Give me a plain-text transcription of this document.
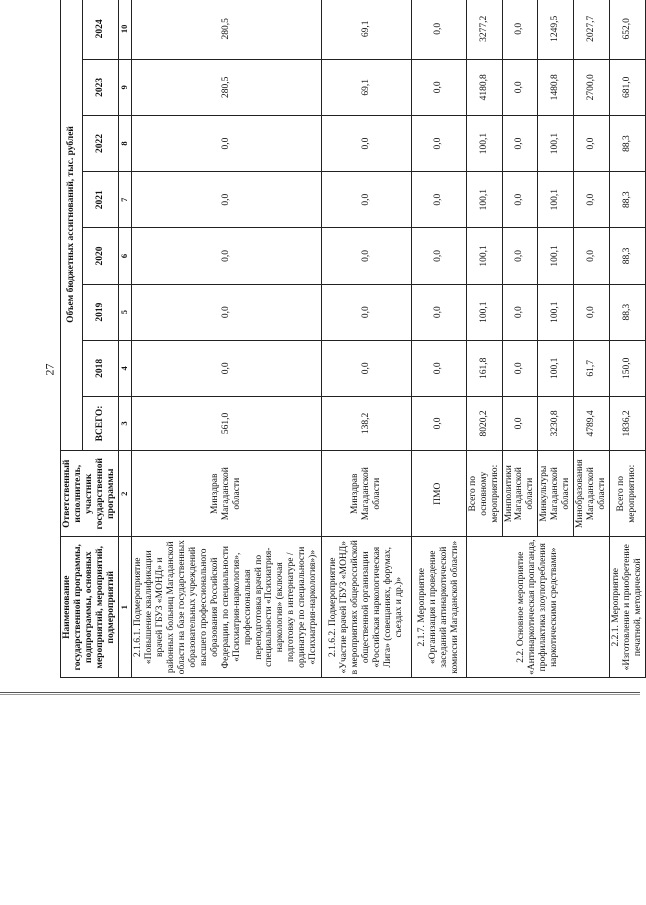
27
Наименование государственной программы, подпрограммы, основных мероприятий, мероприятий, подмероприятий	Ответственный исполнитель, участник государственной программы	Объем бюджетных ассигнований, тыс. рублей							
		ВСЕГО:	2018	2019	2020	2021	2022	2023	2024
1	2	3	4	5	6	7	8	9	10
2.1.6.1. Подмероприятие «Повышение квалификации врачей ГБУЗ «МОНД» и районных больниц Магаданской области на базе государственных образовательных учреждений высшего профессионального образования Российской Федерации, по специальности «Психиатрия-наркология», профессиональная переподготовка врачей по специальности «Психиатрия-наркология» (включая подготовку в интернатуре /ординатуре по специальности «Психиатрия-наркология»)»	Минздрав Магаданской области	561,0	0,0	0,0	0,0	0,0	0,0	280,5	280,5
2.1.6.2. Подмероприятие «Участие врачей ГБУЗ «МОНД» в мероприятиях общероссийской общественной организации «Российская наркологическая Лига» (совещаниях, форумах, съездах и др.)»	Минздрав Магаданской области	138,2	0,0	0,0	0,0	0,0	0,0	69,1	69,1
2.1.7. Мероприятие «Организация и проведение заседаний антинаркотической комиссии Магаданской области»	ПМО	0,0	0,0	0,0	0,0	0,0	0,0	0,0	0,0
2.2. Основное мероприятие «Антинаркотическая пропаганда, профилактика злоупотребления наркотическими средствами»	Всего по основному мероприятию:	8020,2	161,8	100,1	100,1	100,1	100,1	4180,8	3277,2
	Минполитики Магаданской области	0,0	0,0	0,0	0,0	0,0	0,0	0,0	0,0
	Минкультуры Магаданской области	3230,8	100,1	100,1	100,1	100,1	100,1	1480,8	1249,5
	Минобразования Магаданской области	4789,4	61,7	0,0	0,0	0,0	0,0	2700,0	2027,7
2.2.1. Мероприятие «Изготовление и приобретение печатной, методической	Всего по мероприятию:	1836,2	150,0	88,3	88,3	88,3	88,3	681,0	652,0
